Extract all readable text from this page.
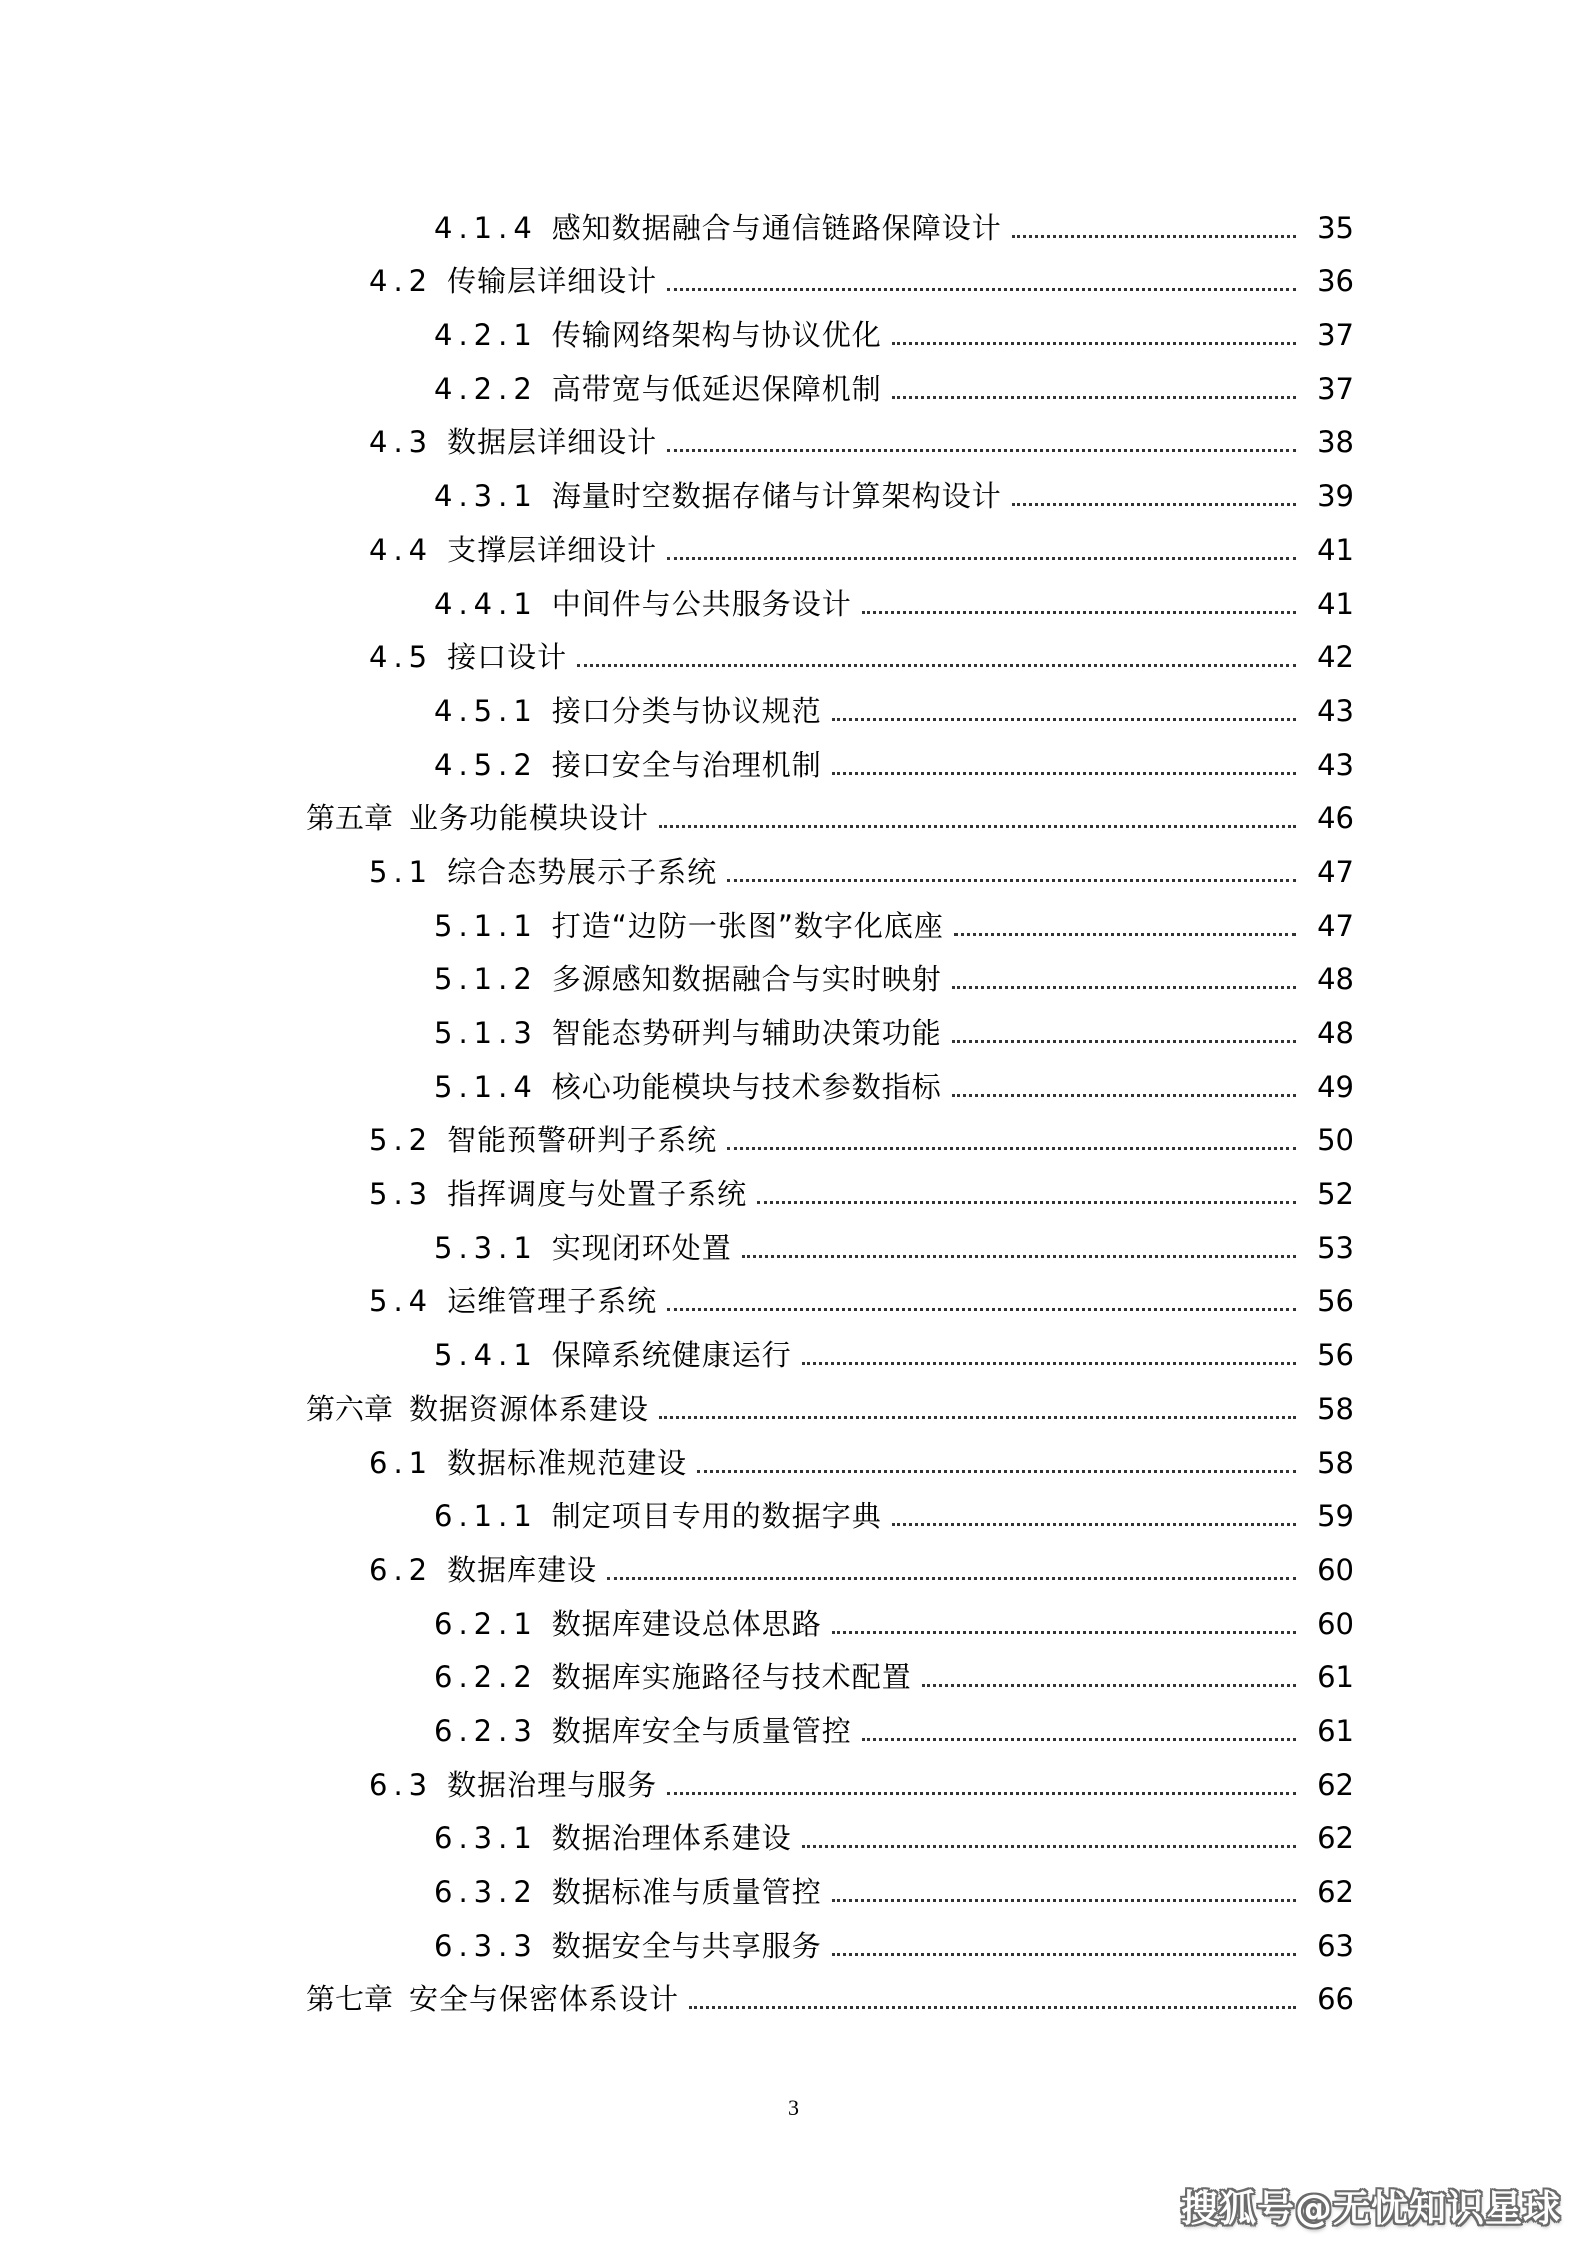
4.1.4 感知数据融合与通信链路保障设计	35
4.2 传输层详细设计	36
4.2.1 传输网络架构与协议优化	37
4.2.2 高带宽与低延迟保障机制	37
4.3 数据层详细设计	38
4.3.1 海量时空数据存储与计算架构设计	39
4.4 支撑层详细设计	41
4.4.1 中间件与公共服务设计	41
4.5 接口设计	42
4.5.1 接口分类与协议规范	43
4.5.2 接口安全与治理机制	43
第五章 业务功能模块设计	46
5.1 综合态势展示子系统	47
5.1.1 打造“边防一张图”数字化底座	47
5.1.2 多源感知数据融合与实时映射	48
5.1.3 智能态势研判与辅助决策功能	48
5.1.4 核心功能模块与技术参数指标	49
5.2 智能预警研判子系统	50
5.3 指挥调度与处置子系统	52
5.3.1 实现闭环处置	53
5.4 运维管理子系统	56
5.4.1 保障系统健康运行	56
第六章 数据资源体系建设	58
6.1 数据标准规范建设	58
6.1.1 制定项目专用的数据字典	59
6.2 数据库建设	60
6.2.1 数据库建设总体思路	60
6.2.2 数据库实施路径与技术配置	61
6.2.3 数据库安全与质量管控	61
6.3 数据治理与服务	62
6.3.1 数据治理体系建设	62
6.3.2 数据标准与质量管控	62
6.3.3 数据安全与共享服务	63
第七章 安全与保密体系设计	66
3
搜狐号@无忧知识星球
